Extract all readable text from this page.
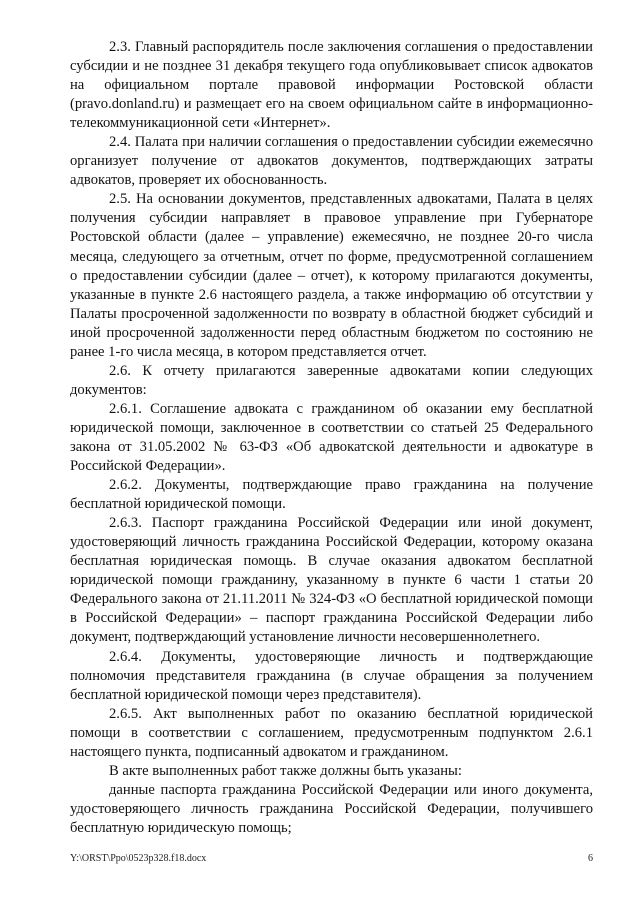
2.3. Главный распорядитель после заключения соглашения о предоставлении субсидии и не позднее 31 декабря текущего года опубликовывает список адвокатов на официальном портале правовой информации Ростовской области (pravo.donland.ru) и размещает его на своем официальном сайте в информационно-телекоммуникационной сети «Интернет».

2.4. Палата при наличии соглашения о предоставлении субсидии ежемесячно организует получение от адвокатов документов, подтверждающих затраты адвокатов, проверяет их обоснованность.

2.5. На основании документов, представленных адвокатами, Палата в целях получения субсидии направляет в правовое управление при Губернаторе Ростовской области (далее – управление) ежемесячно, не позднее 20-го числа месяца, следующего за отчетным, отчет по форме, предусмотренной соглашением о предоставлении субсидии (далее – отчет), к которому прилагаются документы, указанные в пункте 2.6 настоящего раздела, а также информацию об отсутствии у Палаты просроченной задолженности по возврату в областной бюджет субсидий и иной просроченной задолженности перед областным бюджетом по состоянию не ранее 1-го числа месяца, в котором представляется отчет.

2.6. К отчету прилагаются заверенные адвокатами копии следующих документов:

2.6.1. Соглашение адвоката с гражданином об оказании ему бесплатной юридической помощи, заключенное в соответствии со статьей 25 Федерального закона от 31.05.2002 № 63-ФЗ «Об адвокатской деятельности и адвокатуре в Российской Федерации».

2.6.2. Документы, подтверждающие право гражданина на получение бесплатной юридической помощи.

2.6.3. Паспорт гражданина Российской Федерации или иной документ, удостоверяющий личность гражданина Российской Федерации, которому оказана бесплатная юридическая помощь. В случае оказания адвокатом бесплатной юридической помощи гражданину, указанному в пункте 6 части 1 статьи 20 Федерального закона от 21.11.2011 № 324-ФЗ «О бесплатной юридической помощи в Российской Федерации» – паспорт гражданина Российской Федерации либо документ, подтверждающий установление личности несовершеннолетнего.

2.6.4. Документы, удостоверяющие личность и подтверждающие полномочия представителя гражданина (в случае обращения за получением бесплатной юридической помощи через представителя).

2.6.5. Акт выполненных работ по оказанию бесплатной юридической помощи в соответствии с соглашением, предусмотренным подпунктом 2.6.1 настоящего пункта, подписанный адвокатом и гражданином.

В акте выполненных работ также должны быть указаны:

данные паспорта гражданина Российской Федерации или иного документа, удостоверяющего личность гражданина Российской Федерации, получившего бесплатную юридическую помощь;

Y:\ORST\Ppo\0523p328.f18.docx	6
